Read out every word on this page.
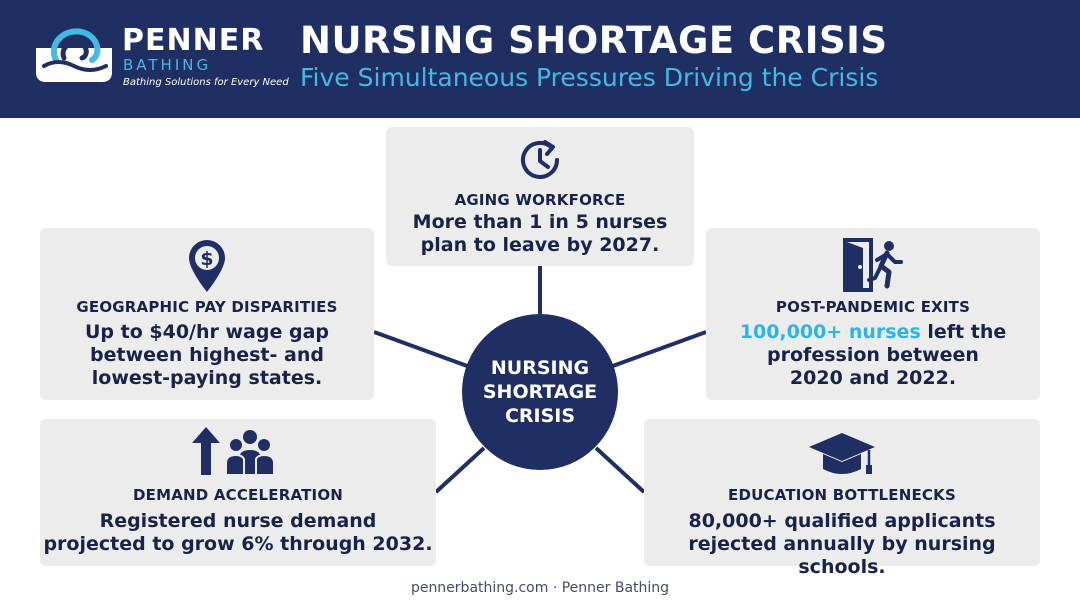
PENNER
BATHING
Bathing Solutions for Every Need
NURSING SHORTAGE CRISIS
Five Simultaneous Pressures Driving the Crisis
AGING WORKFORCE
More than 1 in 5 nurses
plan to leave by 2027.
$
GEOGRAPHIC PAY DISPARITIES
Up to $40/hr wage gap
between highest- and
lowest-paying states.
POST-PANDEMIC EXITS
100,000+ nurses left the
profession between
2020 and 2022.
DEMAND ACCELERATION
Registered nurse demand
projected to grow 6% through 2032.
EDUCATION BOTTLENECKS
80,000+ qualified applicants
rejected annually by nursing schools.
NURSING SHORTAGE CRISIS
pennerbathing.com · Penner Bathing
